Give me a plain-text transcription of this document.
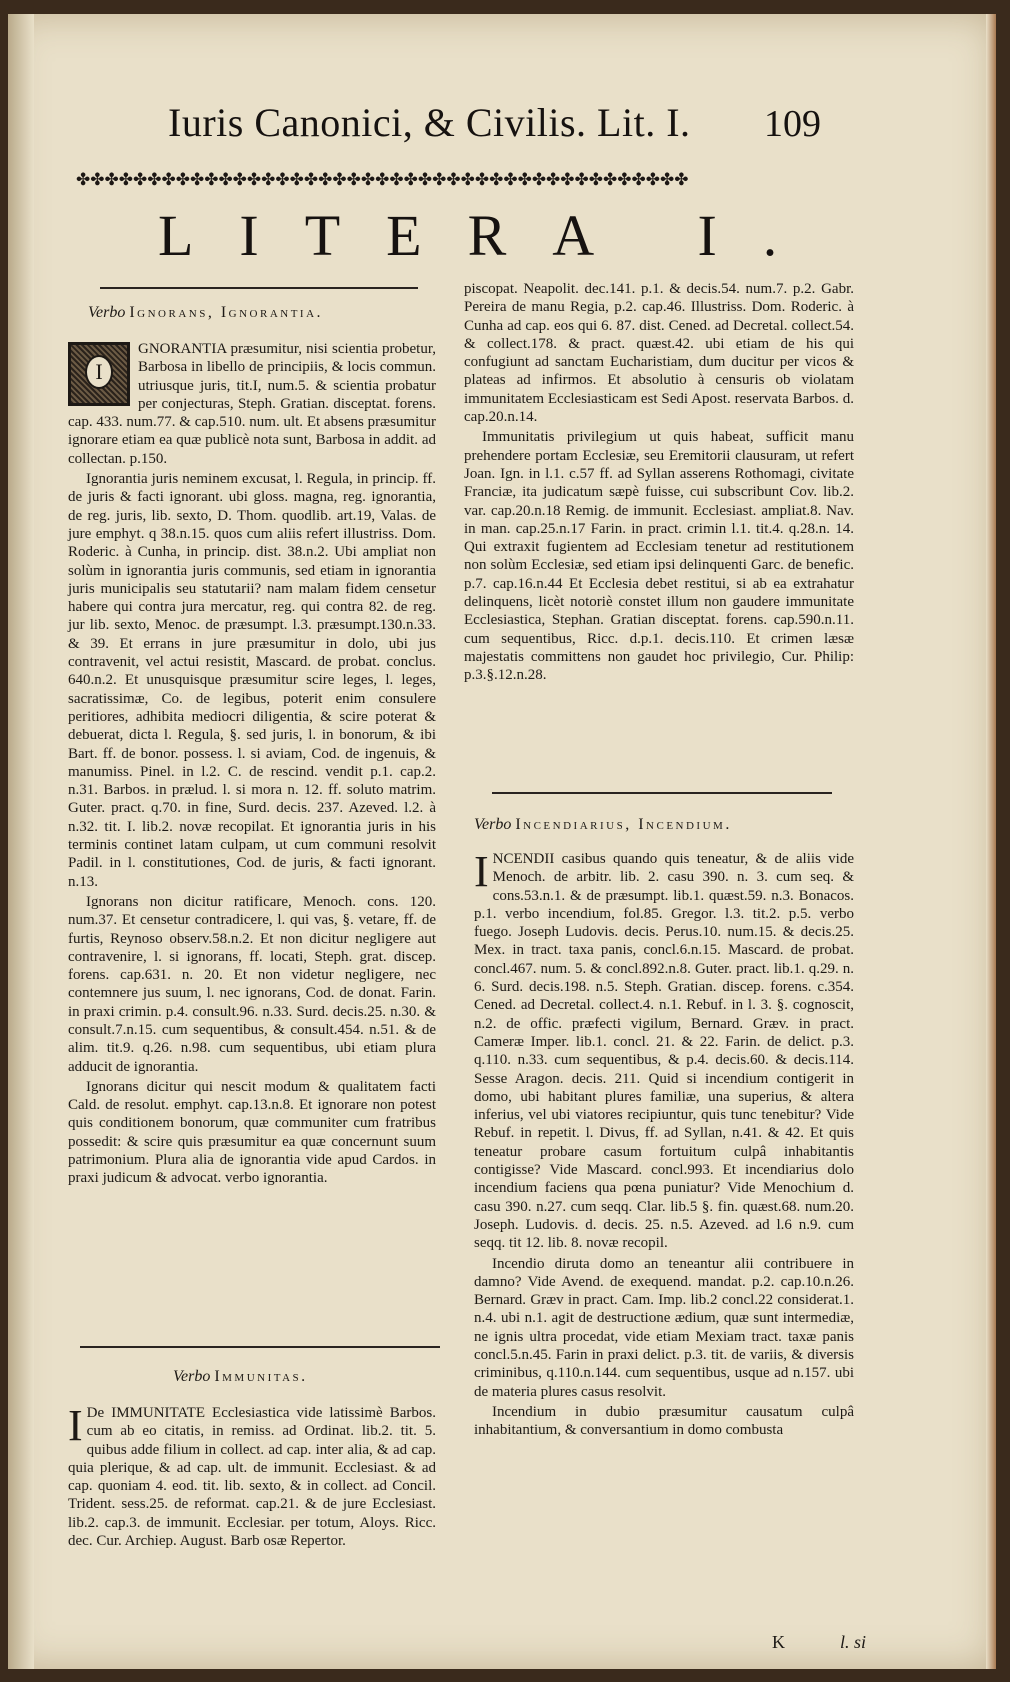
Iuris Canonici, & Civilis. Lit. I. 109
✤✤✤✤✤✤✤✤✤✤✤✤✤✤✤✤✤✤✤✤✤✤✤✤✤✤✤✤✤✤✤✤✤✤✤✤✤✤✤✤✤✤✤
LITERA I.
Verbo Ignorans, Ignorantia.

I
GNORANTIA præsumitur, nisi scientia probetur, Barbosa in libello de principiis, & locis commun. utriusque juris, tit.I, num.5. & scientia probatur per conjecturas, Steph. Gratian. disceptat. forens. cap. 433. num.77. & cap.510. num. ult. Et absens præsumitur ignorare etiam ea quæ publicè nota sunt, Barbosa in addit. ad collectan. p.150.

Ignorantia juris neminem excusat, l. Regula, in princip. ff. de juris & facti ignorant. ubi gloss. magna, reg. ignorantia, de reg. juris, lib. sexto, D. Thom. quodlib. art.19, Valas. de jure emphyt. q 38.n.15. quos cum aliis refert illustriss. Dom. Roderic. à Cunha, in princip. dist. 38.n.2. Ubi ampliat non solùm in ignorantia juris communis, sed etiam in ignorantia juris municipalis seu statutarii? nam malam fidem censetur habere qui contra jura mercatur, reg. qui contra 82. de reg. jur lib. sexto, Menoc. de præsumpt. l.3. præsumpt.130.n.33. & 39. Et errans in jure præsumitur in dolo, ubi jus contravenit, vel actui resistit, Mascard. de probat. conclus. 640.n.2. Et unusquisque præsumitur scire leges, l. leges, sacratissimæ, Co. de legibus, poterit enim consulere peritiores, adhibita mediocri diligentia, & scire poterat & debuerat, dicta l. Regula, §. sed juris, l. in bonorum, & ibi Bart. ff. de bonor. possess. l. si aviam, Cod. de ingenuis, & manumiss. Pinel. in l.2. C. de rescind. vendit p.1. cap.2. n.31. Barbos. in prælud. l. si mora n. 12. ff. soluto matrim. Guter. pract. q.70. in fine, Surd. decis. 237. Azeved. l.2. à n.32. tit. I. lib.2. novæ recopilat. Et ignorantia juris in his terminis continet latam culpam, ut cum communi resolvit Padil. in l. constitutiones, Cod. de juris, & facti ignorant. n.13.

Ignorans non dicitur ratificare, Menoch. cons. 120. num.37. Et censetur contradicere, l. qui vas, §. vetare, ff. de furtis, Reynoso observ.58.n.2. Et non dicitur negligere aut contravenire, l. si ignorans, ff. locati, Steph. grat. discep. forens. cap.631. n. 20. Et non videtur negligere, nec contemnere jus suum, l. nec ignorans, Cod. de donat. Farin. in praxi crimin. p.4. consult.96. n.33. Surd. decis.25. n.30. & consult.7.n.15. cum sequentibus, & consult.454. n.51. & de alim. tit.9. q.26. n.98. cum sequentibus, ubi etiam plura adducit de ignorantia.

Ignorans dicitur qui nescit modum & qualitatem facti Cald. de resolut. emphyt. cap.13.n.8. Et ignorare non potest quis conditionem bonorum, quæ communiter cum fratribus possedit: & scire quis præsumitur ea quæ concernunt suum patrimonium. Plura alia de ignorantia vide apud Cardos. in praxi judicum & advocat. verbo ignorantia.

Verbo Immunitas.

De
I IMMUNITATE Ecclesiastica vide latissimè Barbos. cum ab eo citatis, in remiss. ad Ordinat. lib.2. tit. 5. quibus adde filium in collect. ad cap. inter alia, & ad cap. quia plerique, & ad cap. ult. de immunit. Ecclesiast. & ad cap. quoniam 4. eod. tit. lib. sexto, & in collect. ad Concil. Trident. sess.25. de reformat. cap.21. & de jure Ecclesiast. lib.2. cap.3. de immunit. Ecclesiar. per totum, Aloys. Ricc. dec. Cur. Archiep. August. Barb osæ Repertor.

piscopat. Neapolit. dec.141. p.1. & decis.54. num.7. p.2. Gabr. Pereira de manu Regia, p.2. cap.46. Illustriss. Dom. Roderic. à Cunha ad cap. eos qui 6. 87. dist. Cened. ad Decretal. collect.54. & collect.178. & pract. quæst.42. ubi etiam de his qui confugiunt ad sanctam Eucharistiam, dum ducitur per vicos & plateas ad infirmos. Et absolutio à censuris ob violatam immunitatem Ecclesiasticam est Sedi Apost. reservata Barbos. d. cap.20.n.14.

Immunitatis privilegium ut quis habeat, sufficit manu prehendere portam Ecclesiæ, seu Eremitorii clausuram, ut refert Joan. Ign. in l.1. c.57 ff. ad Syllan asserens Rothomagi, civitate Franciæ, ita judicatum sæpè fuisse, cui subscribunt Cov. lib.2. var. cap.20.n.18 Remig. de immunit. Ecclesiast. ampliat.8. Nav. in man. cap.25.n.17 Farin. in pract. crimin l.1. tit.4. q.28.n. 14. Qui extraxit fugientem ad Ecclesiam tenetur ad restitutionem non solùm Ecclesiæ, sed etiam ipsi delinquenti Garc. de benefic. p.7. cap.16.n.44 Et Ecclesia debet restitui, si ab ea extrahatur delinquens, licèt notoriè constet illum non gaudere immunitate Ecclesiastica, Stephan. Gratian disceptat. forens. cap.590.n.11. cum sequentibus, Ricc. d.p.1. decis.110. Et crimen læsæ majestatis committens non gaudet hoc privilegio, Cur. Philip: p.3.§.12.n.28.

Verbo Incendiarius, Incendium.

I NCENDII casibus quando quis teneatur, & de aliis vide Menoch. de arbitr. lib. 2. casu 390. n. 3. cum seq. & cons.53.n.1. & de præsumpt. lib.1. quæst.59. n.3. Bonacos. p.1. verbo incendium, fol.85. Gregor. l.3. tit.2. p.5. verbo fuego. Joseph Ludovis. decis. Perus.10. num.15. & decis.25. Mex. in tract. taxa panis, concl.6.n.15. Mascard. de probat. concl.467. num. 5. & concl.892.n.8. Guter. pract. lib.1. q.29. n. 6. Surd. decis.198. n.5. Steph. Gratian. discep. forens. c.354. Cened. ad Decretal. collect.4. n.1. Rebuf. in l. 3. §. cognoscit, n.2. de offic. præfecti vigilum, Bernard. Græv. in pract. Cameræ Imper. lib.1. concl. 21. & 22. Farin. de delict. p.3. q.110. n.33. cum sequentibus, & p.4. decis.60. & decis.114. Sesse Aragon. decis. 211. Quid si incendium contigerit in domo, ubi habitant plures familiæ, una superius, & altera inferius, vel ubi viatores recipiuntur, quis tunc tenebitur? Vide Rebuf. in repetit. l. Divus, ff. ad Syllan, n.41. & 42. Et quis teneatur probare casum fortuitum culpâ inhabitantis contigisse? Vide Mascard. concl.993. Et incendiarius dolo incendium faciens qua pœna puniatur? Vide Menochium d. casu 390. n.27. cum seqq. Clar. lib.5 §. fin. quæst.68. num.20. Joseph. Ludovis. d. decis. 25. n.5. Azeved. ad l.6 n.9. cum seqq. tit 12. lib. 8. novæ recopil.

Incendio diruta domo an teneantur alii contribuere in damno? Vide Avend. de exequend. mandat. p.2. cap.10.n.26. Bernard. Græv in pract. Cam. Imp. lib.2 concl.22 considerat.1. n.4. ubi n.1. agit de destructione ædium, quæ sunt intermediæ, ne ignis ultra procedat, vide etiam Mexiam tract. taxæ panis concl.5.n.45. Farin in praxi delict. p.3. tit. de variis, & diversis criminibus, q.110.n.144. cum sequentibus, usque ad n.157. ubi de materia plures casus resolvit.

Incendium in dubio præsumitur causatum culpâ inhabitantium, & conversantium in domo combusta

K	l. si
